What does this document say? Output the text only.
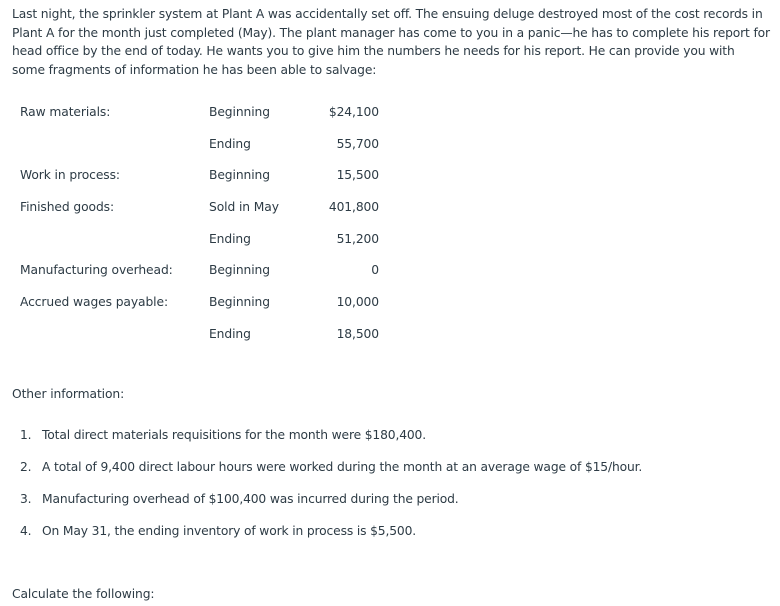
Last night, the sprinkler system at Plant A was accidentally set off. The ensuing deluge destroyed most of the cost records in Plant A for the month just completed (May). The plant manager has come to you in a panic—he has to complete his report for head office by the end of today. He wants you to give him the numbers he needs for his report. He can provide you with some fragments of information he has been able to salvage:

Raw materials:	Beginning	$24,100
	Ending	55,700
Work in process:	Beginning	15,500
Finished goods:	Sold in May	401,800
	Ending	51,200
Manufacturing overhead:	Beginning	0
Accrued wages payable:	Beginning	10,000
	Ending	18,500

Other information:

1. Total direct materials requisitions for the month were $180,400.
2. A total of 9,400 direct labour hours were worked during the month at an average wage of $15/hour.
3. Manufacturing overhead of $100,400 was incurred during the period.
4. On May 31, the ending inventory of work in process is $5,500.

Calculate the following:
